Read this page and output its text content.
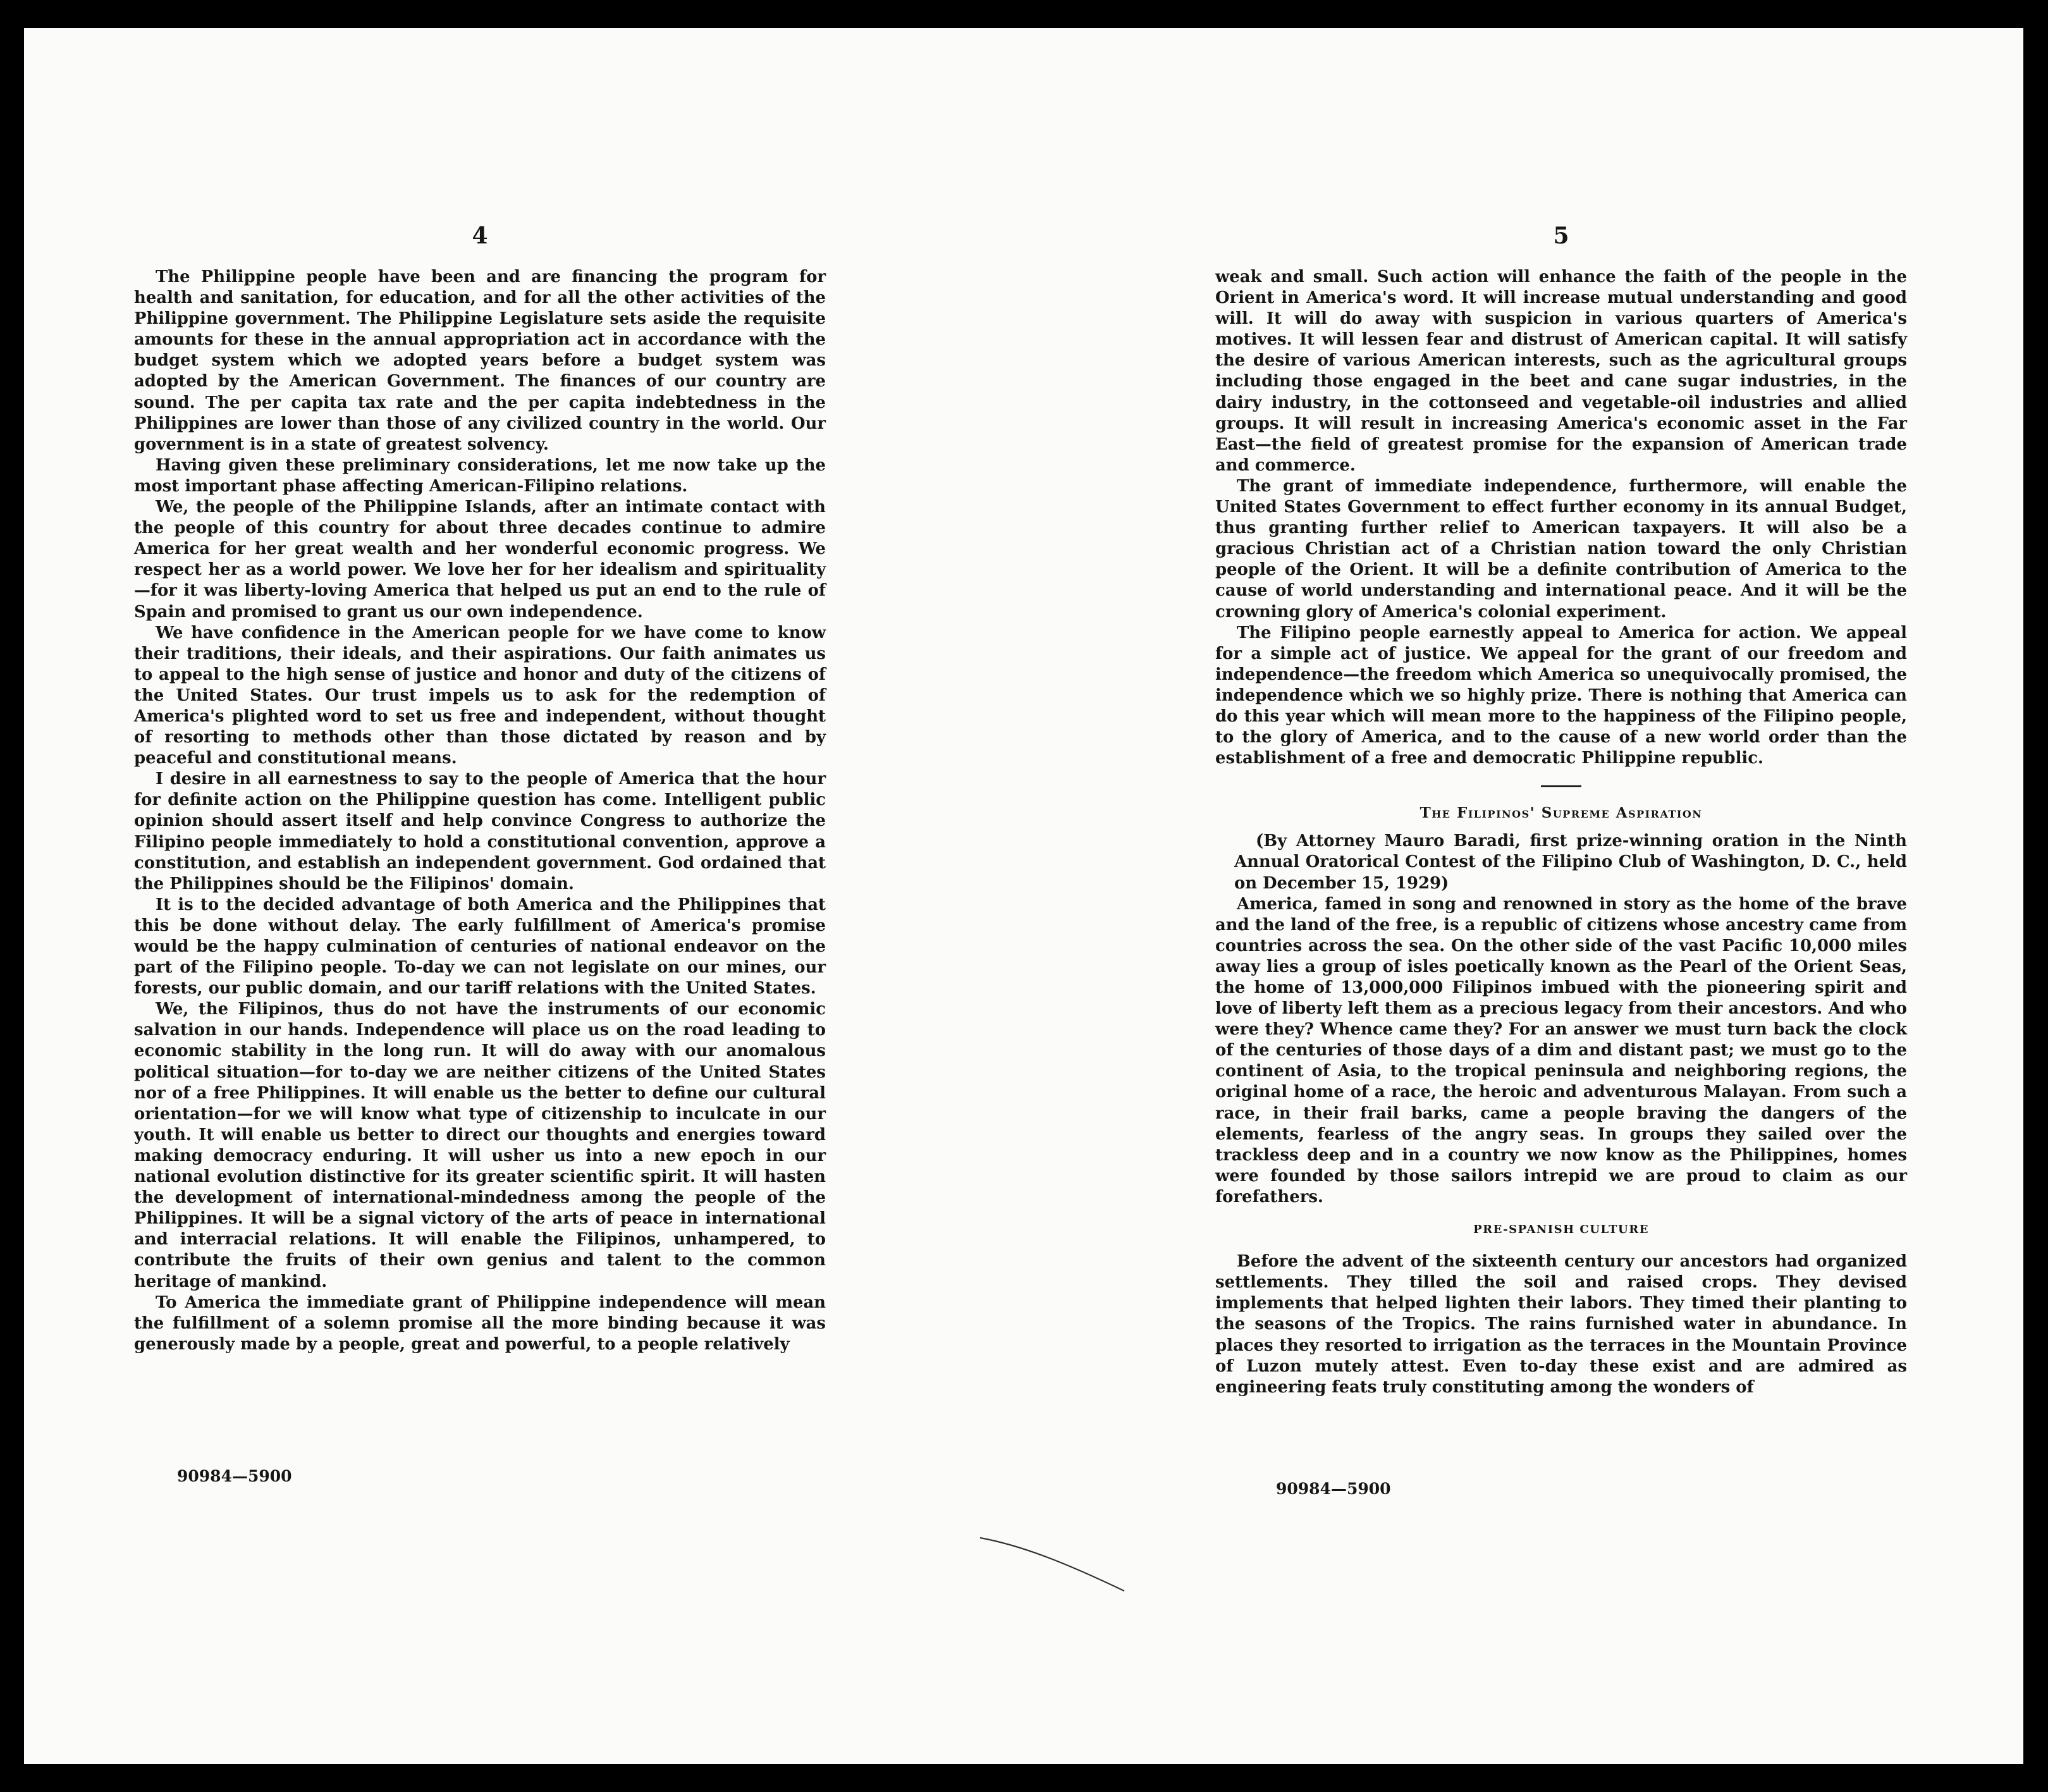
4

The Philippine people have been and are financing the program for health and sanitation, for education, and for all the other activities of the Philippine government. The Philippine Legislature sets aside the requisite amounts for these in the annual appropriation act in accordance with the budget system which we adopted years before a budget system was adopted by the American Government. The finances of our country are sound. The per capita tax rate and the per capita indebtedness in the Philippines are lower than those of any civilized country in the world. Our government is in a state of greatest solvency.

Having given these preliminary considerations, let me now take up the most important phase affecting American-Filipino relations.

We, the people of the Philippine Islands, after an intimate contact with the people of this country for about three decades continue to admire America for her great wealth and her wonderful economic progress. We respect her as a world power. We love her for her idealism and spirituality—for it was liberty-loving America that helped us put an end to the rule of Spain and promised to grant us our own independence.

We have confidence in the American people for we have come to know their traditions, their ideals, and their aspirations. Our faith animates us to appeal to the high sense of justice and honor and duty of the citizens of the United States. Our trust impels us to ask for the redemption of America's plighted word to set us free and independent, without thought of resorting to methods other than those dictated by reason and by peaceful and constitutional means.

I desire in all earnestness to say to the people of America that the hour for definite action on the Philippine question has come. Intelligent public opinion should assert itself and help convince Congress to authorize the Filipino people immediately to hold a constitutional convention, approve a constitution, and establish an independent government. God ordained that the Philippines should be the Filipinos' domain.

It is to the decided advantage of both America and the Philippines that this be done without delay. The early fulfillment of America's promise would be the happy culmination of centuries of national endeavor on the part of the Filipino people. To-day we can not legislate on our mines, our forests, our public domain, and our tariff relations with the United States.

We, the Filipinos, thus do not have the instruments of our economic salvation in our hands. Independence will place us on the road leading to economic stability in the long run. It will do away with our anomalous political situation—for to-day we are neither citizens of the United States nor of a free Philippines. It will enable us the better to define our cultural orientation—for we will know what type of citizenship to inculcate in our youth. It will enable us better to direct our thoughts and energies toward making democracy enduring. It will usher us into a new epoch in our national evolution distinctive for its greater scientific spirit. It will hasten the development of international-mindedness among the people of the Philippines. It will be a signal victory of the arts of peace in international and interracial relations. It will enable the Filipinos, unhampered, to contribute the fruits of their own genius and talent to the common heritage of mankind.

To America the immediate grant of Philippine independence will mean the fulfillment of a solemn promise all the more binding because it was generously made by a people, great and powerful, to a people relatively

90984—5900
5

weak and small. Such action will enhance the faith of the people in the Orient in America's word. It will increase mutual understanding and good will. It will do away with suspicion in various quarters of America's motives. It will lessen fear and distrust of American capital. It will satisfy the desire of various American interests, such as the agricultural groups including those engaged in the beet and cane sugar industries, in the dairy industry, in the cottonseed and vegetable-oil industries and allied groups. It will result in increasing America's economic asset in the Far East—the field of greatest promise for the expansion of American trade and commerce.

The grant of immediate independence, furthermore, will enable the United States Government to effect further economy in its annual Budget, thus granting further relief to American taxpayers. It will also be a gracious Christian act of a Christian nation toward the only Christian people of the Orient. It will be a definite contribution of America to the cause of world understanding and international peace. And it will be the crowning glory of America's colonial experiment.

The Filipino people earnestly appeal to America for action. We appeal for a simple act of justice. We appeal for the grant of our freedom and independence—the freedom which America so unequivocally promised, the independence which we so highly prize. There is nothing that America can do this year which will mean more to the happiness of the Filipino people, to the glory of America, and to the cause of a new world order than the establishment of a free and democratic Philippine republic.

The Filipinos' Supreme Aspiration

(By Attorney Mauro Baradi, first prize-winning oration in the Ninth Annual Oratorical Contest of the Filipino Club of Washington, D. C., held on December 15, 1929)

America, famed in song and renowned in story as the home of the brave and the land of the free, is a republic of citizens whose ancestry came from countries across the sea. On the other side of the vast Pacific 10,000 miles away lies a group of isles poetically known as the Pearl of the Orient Seas, the home of 13,000,000 Filipinos imbued with the pioneering spirit and love of liberty left them as a precious legacy from their ancestors. And who were they? Whence came they? For an answer we must turn back the clock of the centuries of those days of a dim and distant past; we must go to the continent of Asia, to the tropical peninsula and neighboring regions, the original home of a race, the heroic and adventurous Malayan. From such a race, in their frail barks, came a people braving the dangers of the elements, fearless of the angry seas. In groups they sailed over the trackless deep and in a country we now know as the Philippines, homes were founded by those sailors intrepid we are proud to claim as our forefathers.

PRE-SPANISH CULTURE

Before the advent of the sixteenth century our ancestors had organized settlements. They tilled the soil and raised crops. They devised implements that helped lighten their labors. They timed their planting to the seasons of the Tropics. The rains furnished water in abundance. In places they resorted to irrigation as the terraces in the Mountain Province of Luzon mutely attest. Even to-day these exist and are admired as engineering feats truly constituting among the wonders of

90984—5900
